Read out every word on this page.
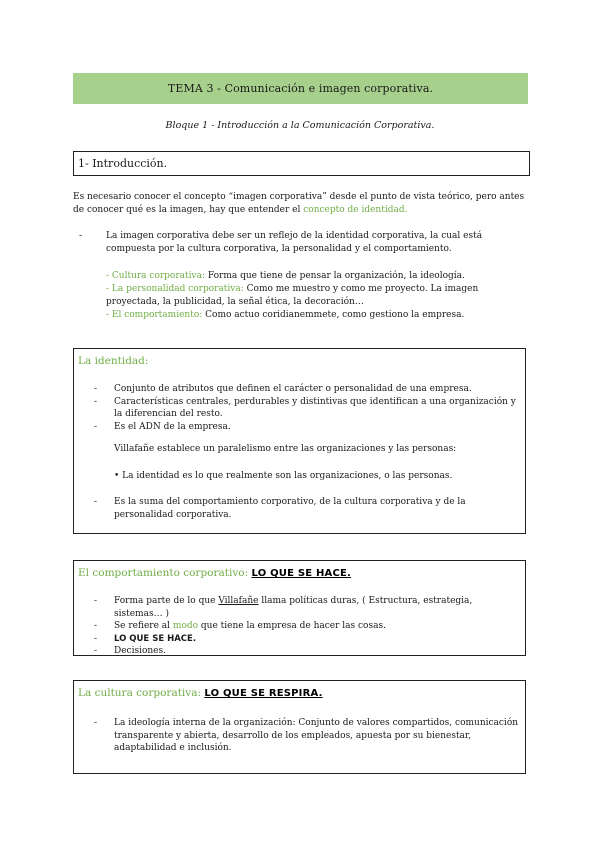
TEMA 3 - Comunicación e imagen corporativa.
Bloque 1 - Introducción a la Comunicación Corporativa.
1- Introducción.
Es necesario conocer el concepto “imagen corporativa” desde el punto de vista teórico, pero antes de conocer qué es la imagen, hay que entender el concepto de identidad.
-	La imagen corporativa debe ser un reflejo de la identidad corporativa, la cual está compuesta por la cultura corporativa, la personalidad y el comportamiento.
- Cultura corporativa: Forma que tiene de pensar la organización, la ideología.
- La personalidad corporativa: Como me muestro y como me proyecto. La imagen proyectada, la publicidad, la señal ética, la decoración…
- El comportamiento: Como actuo coridianemmete, como gestiono la empresa.
La identidad:
- Conjunto de atributos que definen el carácter o personalidad de una empresa.
- Características centrales, perdurables y distintivas que identifican a una organización y la diferencian del resto.
- Es el ADN de la empresa.
Villafañe establece un paralelismo entre las organizaciones y las personas:
• La identidad es lo que realmente son las organizaciones, o las personas.
- Es la suma del comportamiento corporativo, de la cultura corporativa y de la personalidad corporativa.
El comportamiento corporativo: LO QUE SE HACE.
- Forma parte de lo que Villafañe llama políticas duras, ( Estructura, estrategia, sistemas… )
- Se refiere al modo que tiene la empresa de hacer las cosas.
- LO QUE SE HACE.
- Decisiones.
La cultura corporativa: LO QUE SE RESPIRA.
- La ideología interna de la organización: Conjunto de valores compartidos, comunicación transparente y abierta, desarrollo de los empleados, apuesta por su bienestar, adaptabilidad e inclusión.
